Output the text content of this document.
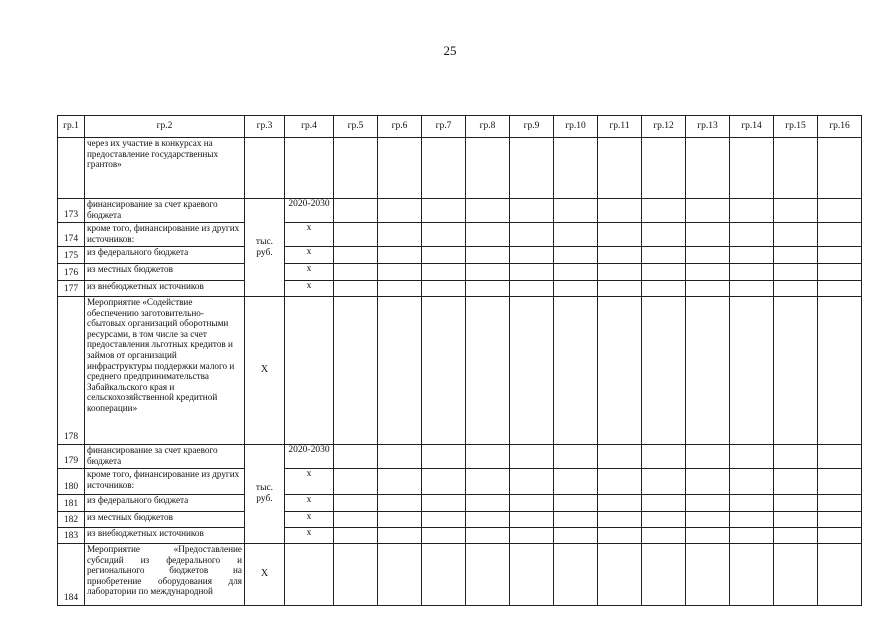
25
гр.1	гр.2	гр.3	гр.4	гр.5	гр.6	гр.7	гр.8	гр.9	гр.10	гр.11	гр.12	гр.13	гр.14	гр.15	гр.16
	через их участие в конкурсах на предоставление государственных грантов»														
173	финансирование за счет краевого бюджета	тыс. руб.	2020-2030												
174	кроме того, финансирование из других источников:		x												
175	из федерального бюджета		x												
176	из местных бюджетов		x												
177	из внебюджетных источников		x												
178	Мероприятие «Содействие обеспечению заготовительно-сбытовых организаций оборотными ресурсами, в том числе за счет предоставления льготных кредитов и займов от организаций инфраструктуры поддержки малого и среднего предпринимательства Забайкальского края и сельскохозяйственной кредитной кооперации»	Х													
179	финансирование за счет краевого бюджета	тыс. руб.	2020-2030												
180	кроме того, финансирование из других источников:		x												
181	из федерального бюджета		x												
182	из местных бюджетов		x												
183	из внебюджетных источников		x												
184	Мероприятие «Предоставление субсидий из федерального и регионального бюджетов на приобретение оборудования для лаборатории по международной	Х													
